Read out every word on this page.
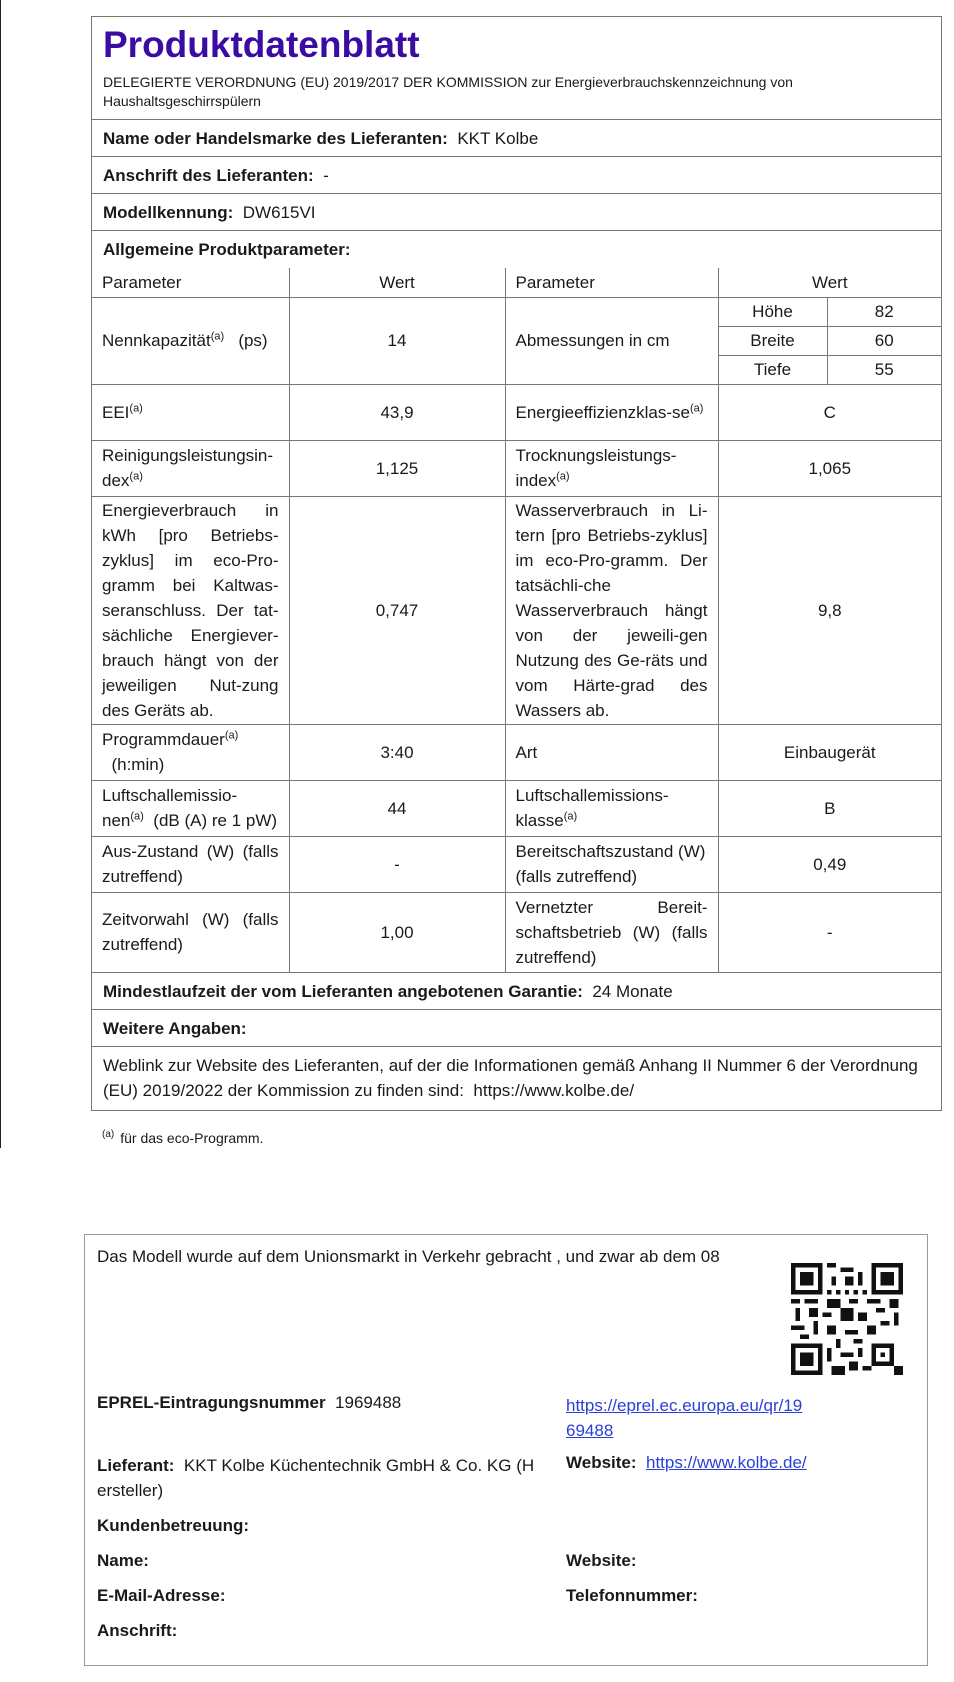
Produktdatenblatt
DELEGIERTE VERORDNUNG (EU) 2019/2017 DER KOMMISSION zur Energieverbrauchskennzeichnung von Haushaltsgeschirrspülern
Name oder Handelsmarke des Lieferanten: KKT Kolbe
Anschrift des Lieferanten: -
Modellkennung: DW615VI
Allgemeine Produktparameter:
Parameter	Wert	Parameter	Wert	
Nennkapazität$^{(a)}$ (ps)	14	Abmessungen in cm	Höhe	82
			Breite	60
			Tiefe	55
EEI$^{(a)}$	43,9	Energieeffizienzklas-$se^{(a)}$	C	
Reinigungsleistungsin-dex$^{(a)}$	1,125	Trocknungsleistungs-index$^{(a)}$	1,065	
Energieverbrauch in kWh [pro Betriebs-zyklus] im eco-Pro-gramm bei Kaltwas-seranschluss. Der tat-sächliche Energiever-brauch hängt von der jeweiligen Nut-zung des Geräts ab.	0,747	Wasserverbrauch in Li-tern [pro Betriebs-zyklus] im eco-Pro-gramm. Der tatsächli-che Wasserverbrauch hängt von der jeweili-gen Nutzung des Ge-räts und vom Härte-grad des Wassers ab.	9,8	
Programmdauer$^{(a)}$
(h:min)	3:40	Art	Einbaugerät	
Luftschallemissio-nen$^{(a)}$ (dB (A) re 1 pW)	44	Luftschallemissions-klasse$^{(a)}$	B	
Aus-Zustand (W) (falls zutreffend)	-	Bereitschaftszustand (W) (falls zutreffend)	0,49	
Zeitvorwahl (W) (falls zutreffend)	1,00	Vernetzter Bereit-schaftsbetrieb (W) (falls zutreffend)	-	
Mindestlaufzeit der vom Lieferanten angebotenen Garantie: 24 Monate
Weitere Angaben:
Weblink zur Website des Lieferanten, auf der die Informationen gemäß Anhang II Nummer 6 der Verordnung (EU) 2019/2022 der Kommission zu finden sind: https://www.kolbe.de/
$^{(a)}$ für das eco-Programm.
Das Modell wurde auf dem Unionsmarkt in Verkehr gebracht , und zwar ab dem 08
EPREL-Eintragungsnummer 1969488	https://eprel.ec.europa.eu/qr/19
69488
Lieferant: KKT Kolbe Küchentechnik GmbH & Co. KG (H
ersteller)
Website: https://www.kolbe.de/
Kundenbetreuung:
Name:	Website:
E-Mail-Adresse:	Telefonnummer:
Anschrift:
